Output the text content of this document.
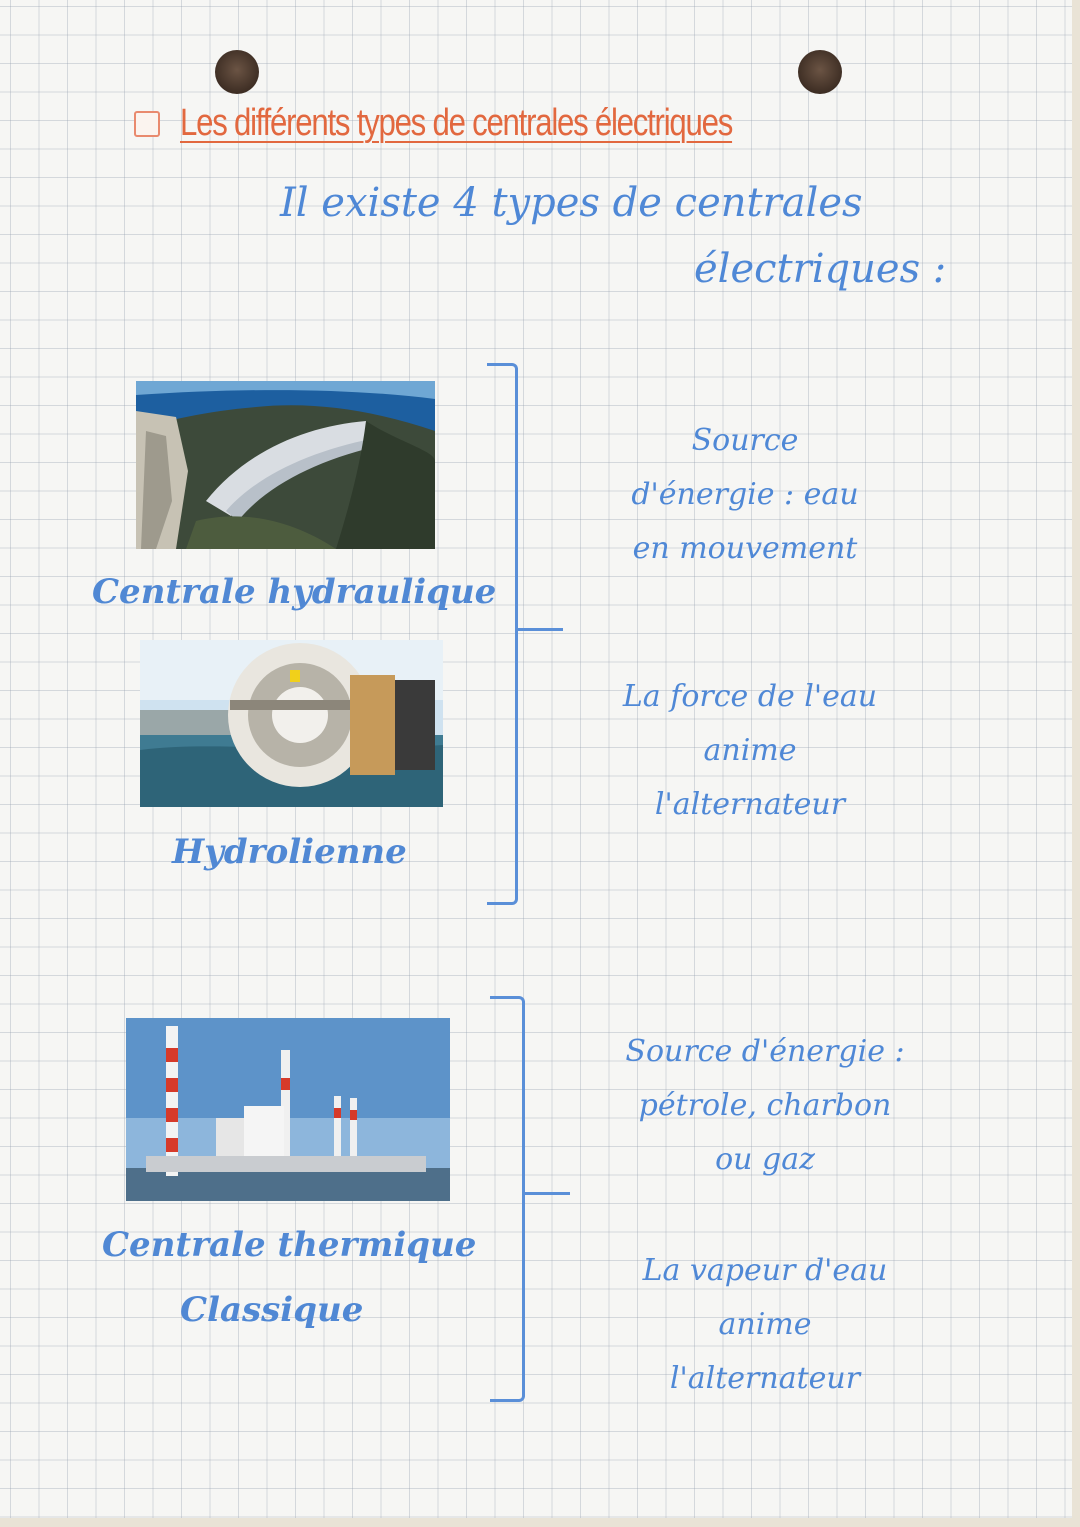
Les différents types de centrales électriques
Il existe 4 types de centrales
électriques :
Centrale hydraulique
Hydrolienne
Source
d'énergie : eau
en mouvement
La force de l'eau
anime
l'alternateur
Centrale thermique
Classique
Source d'énergie :
pétrole, charbon
ou gaz
La vapeur d'eau
anime
l'alternateur
